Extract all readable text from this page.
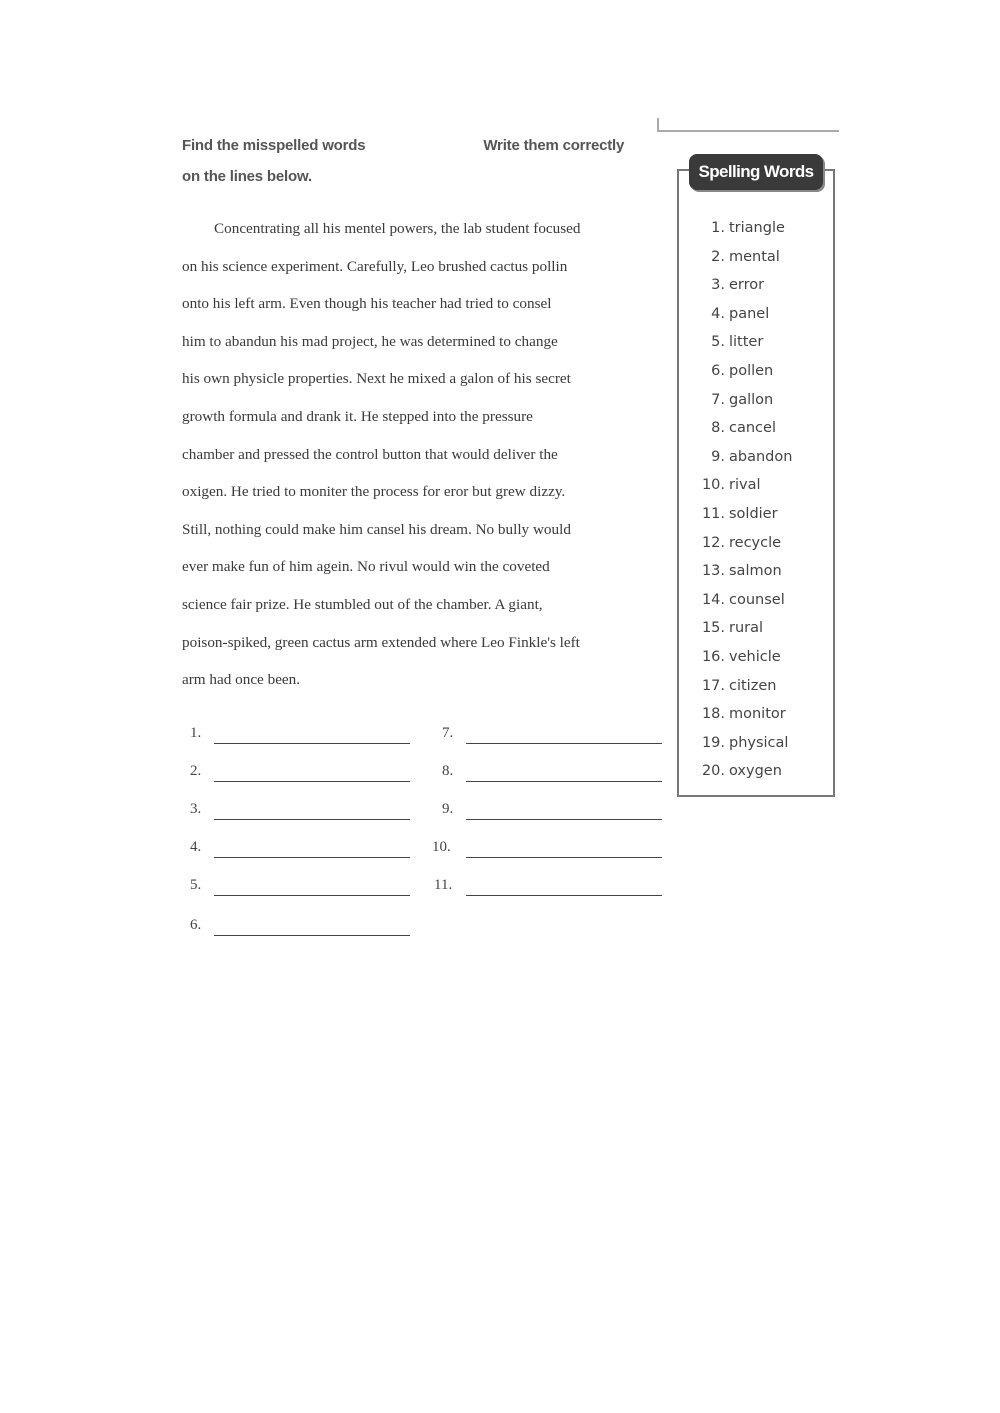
Find the misspelled words	Write them correctly
on the lines below.
Concentrating all his mentel powers, the lab student focused
on his science experiment. Carefully, Leo brushed cactus pollin
onto his left arm. Even though his teacher had tried to consel
him to abandun his mad project, he was determined to change
his own physicle properties. Next he mixed a galon of his secret
growth formula and drank it. He stepped into the pressure
chamber and pressed the control button that would deliver the
oxigen. He tried to moniter the process for eror but grew dizzy.
Still, nothing could make him cansel his dream. No bully would
ever make fun of him agein. No rivul would win the coveted
science fair prize. He stumbled out of the chamber. A giant,
poison-spiked, green cactus arm extended where Leo Finkle's left
arm had once been.
1.
2.
3.
4.
5.
6.
7.
8.
9.
10.
11.
Spelling Words
1. triangle
2. mental
3. error
4. panel
5. litter
6. pollen
7. gallon
8. cancel
9. abandon
10. rival
11. soldier
12. recycle
13. salmon
14. counsel
15. rural
16. vehicle
17. citizen
18. monitor
19. physical
20. oxygen
